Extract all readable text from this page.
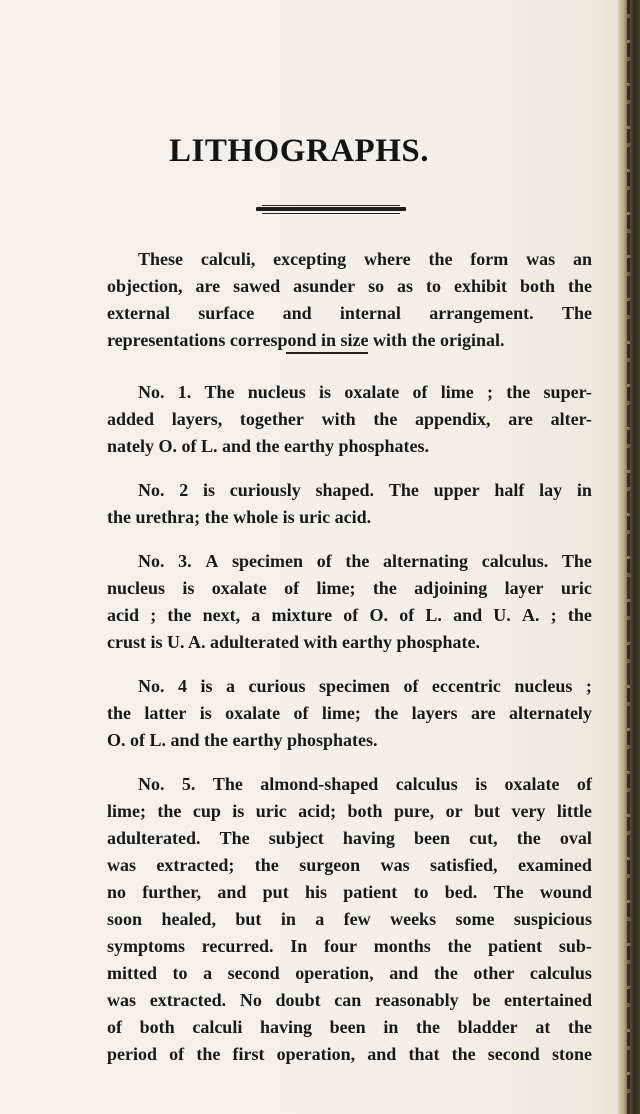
LITHOGRAPHS.
These calculi, excepting where the form was an
objection, are sawed asunder so as to exhibit both the
external surface and internal arrangement. The
representations correspond in size with the original.
No. 1. The nucleus is oxalate of lime ; the super-
added layers, together with the appendix, are alter-
nately O. of L. and the earthy phosphates.
No. 2 is curiously shaped. The upper half lay in
the urethra; the whole is uric acid.
No. 3. A specimen of the alternating calculus. The
nucleus is oxalate of lime; the adjoining layer uric
acid ; the next, a mixture of O. of L. and U. A. ; the
crust is U. A. adulterated with earthy phosphate.
No. 4 is a curious specimen of eccentric nucleus ;
the latter is oxalate of lime; the layers are alternately
O. of L. and the earthy phosphates.
No. 5. The almond-shaped calculus is oxalate of
lime; the cup is uric acid; both pure, or but very little
adulterated. The subject having been cut, the oval
was extracted; the surgeon was satisfied, examined
no further, and put his patient to bed. The wound
soon healed, but in a few weeks some suspicious
symptoms recurred. In four months the patient sub-
mitted to a second operation, and the other calculus
was extracted. No doubt can reasonably be entertained
of both calculi having been in the bladder at the
period of the first operation, and that the second stone
